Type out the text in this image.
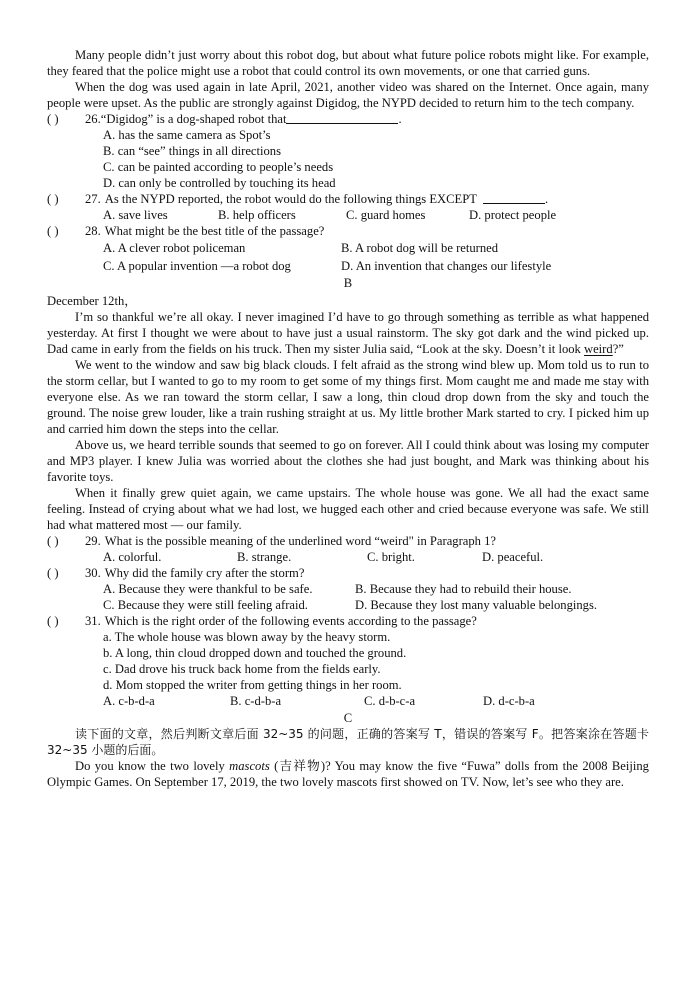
Many people didn’t just worry about this robot dog, but about what future police robots might like. For example, they feared that the police might use a robot that could control its own movements, or one that carried guns.

When the dog was used again in late April, 2021, another video was shared on the Internet. Once again, many people were upset. As the public are strongly against Digidog, the NYPD decided to return him to the tech company.

( )	26. “Digidog” is a dog-shaped robot that	.
A. has the same camera as Spot’s
B. can “see” things in all directions
C. can be painted according to people’s needs
D. can only be controlled by touching its head
( )	27. As the NYPD reported, the robot would do the following things EXCEPT	.
A. save lives	B. help officers	C. guard homes	D. protect people
( )	28. What might be the best title of the passage?
A. A clever robot policeman	B. A robot dog will be returned
C. A popular invention —a robot dog	D. An invention that changes our lifestyle
B
December 12th，

I’m so thankful we’re all okay. I never imagined I’d have to go through something as terrible as what happened yesterday. At first I thought we were about to have just a usual rainstorm. The sky got dark and the wind picked up. Dad came in early from the fields on his truck. Then my sister Julia said, “Look at the sky. Doesn’t it look weird?”

We went to the window and saw big black clouds. I felt afraid as the strong wind blew up. Mom told us to run to the storm cellar, but I wanted to go to my room to get some of my things first. Mom caught me and made me stay with everyone else. As we ran toward the storm cellar, I saw a long, thin cloud drop down from the sky and touch the ground. The noise grew louder, like a train rushing straight at us. My little brother Mark started to cry. I picked him up and carried him down the steps into the cellar.

Above us, we heard terrible sounds that seemed to go on forever. All I could think about was losing my computer and MP3 player. I knew Julia was worried about the clothes she had just bought, and Mark was thinking about his favorite toys.

When it finally grew quiet again, we came upstairs. The whole house was gone. We all had the exact same feeling. Instead of crying about what we had lost, we hugged each other and cried because everyone was safe. We still had what mattered most — our family.

( )	29. What is the possible meaning of the underlined word “weird" in Paragraph 1?
A. colorful.	B. strange.	C. bright.	D. peaceful.
( )	30. Why did the family cry after the storm?
A. Because they were thankful to be safe.	B. Because they had to rebuild their house.
C. Because they were still feeling afraid.	D. Because they lost many valuable belongings.
( )	31. Which is the right order of the following events according to the passage?
a. The whole house was blown away by the heavy storm.
b. A long, thin cloud dropped down and touched the ground.
c. Dad drove his truck back home from the fields early.
d. Mom stopped the writer from getting things in her room.
A. c-b-d-a	B. c-d-b-a	C. d-b-c-a	D. d-c-b-a
C

读下面的文章，然后判断文章后面 32~35 的问题，正确的答案写 T，错误的答案写 F。把答案涂在答题卡 32~35 小题的后面。

Do you know the two lovely mascots (吉祥物)? You may know the five “Fuwa” dolls from the 2008 Beijing Olympic Games. On September 17, 2019, the two lovely mascots first showed on TV. Now, let’s see who they are.
